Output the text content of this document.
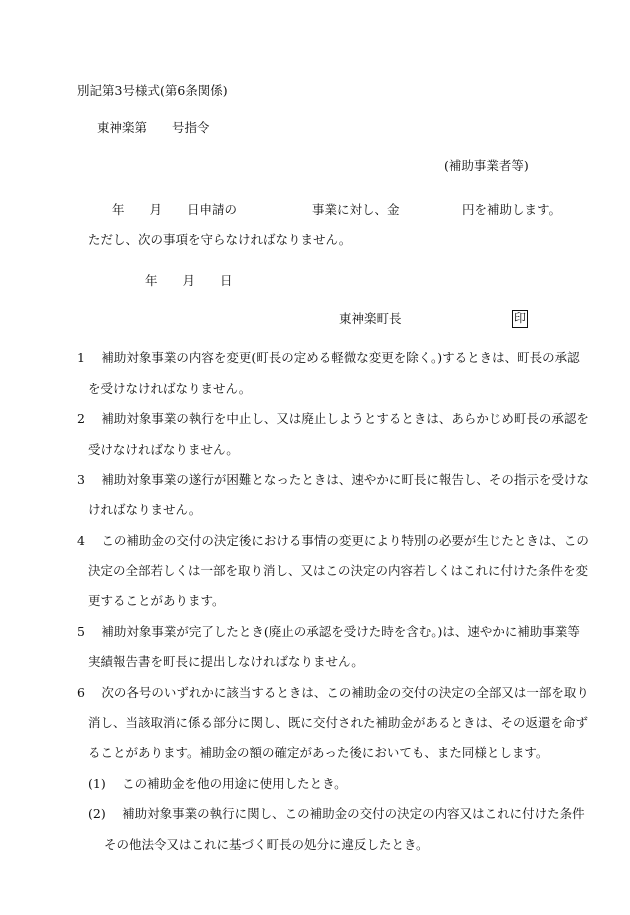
別記第3号様式(第6条関係)
東神楽第　　号指令
(補助事業者等)
年　　月　　日申請の　　　　　　事業に対し、金　　　　　円を補助します。
ただし、次の事項を守らなければなりません。
年　　月　　日
東神楽町長	印
1　 補助対象事業の内容を変更(町長の定める軽微な変更を除く。)するときは、町長の承認
を受けなければなりません。
2　 補助対象事業の執行を中止し、又は廃止しようとするときは、あらかじめ町長の承認を
受けなければなりません。
3　 補助対象事業の遂行が困難となったときは、速やかに町長に報告し、その指示を受けな
ければなりません。
4　 この補助金の交付の決定後における事情の変更により特別の必要が生じたときは、この
決定の全部若しくは一部を取り消し、又はこの決定の内容若しくはこれに付けた条件を変
更することがあります。
5　 補助対象事業が完了したとき(廃止の承認を受けた時を含む。)は、速やかに補助事業等
実績報告書を町長に提出しなければなりません。
6　 次の各号のいずれかに該当するときは、この補助金の交付の決定の全部又は一部を取り
消し、当該取消に係る部分に関し、既に交付された補助金があるときは、その返還を命ず
ることがあります。補助金の額の確定があった後においても、また同様とします。
(1)　 この補助金を他の用途に使用したとき。
(2)　 補助対象事業の執行に関し、この補助金の交付の決定の内容又はこれに付けた条件
その他法令又はこれに基づく町長の処分に違反したとき。
